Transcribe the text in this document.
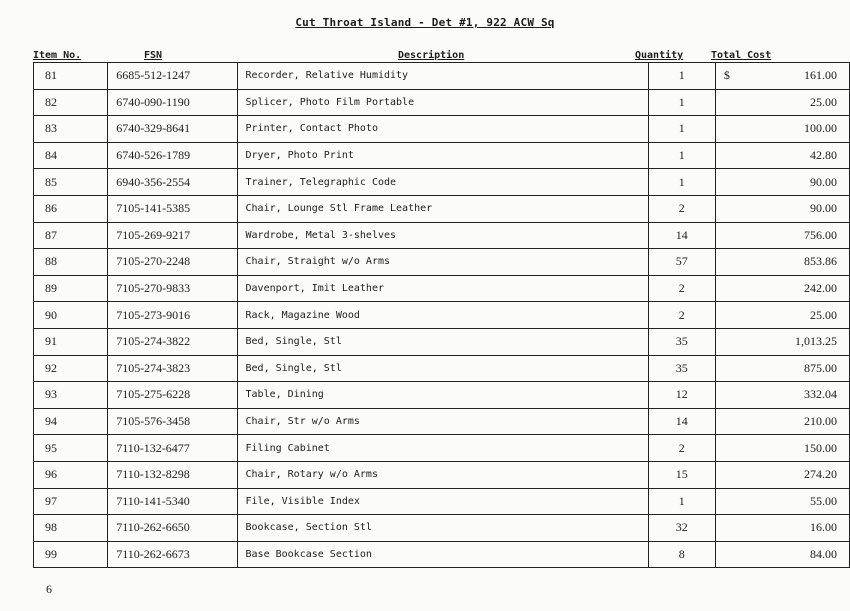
Cut Throat Island - Det #1, 922 ACW Sq
Item No.	FSN	Description	Quantity	Total Cost
81	6685-512-1247	Recorder, Relative Humidity	1	$ 161.00
82	6740-090-1190	Splicer, Photo Film Portable	1	25.00
83	6740-329-8641	Printer, Contact Photo	1	100.00
84	6740-526-1789	Dryer, Photo Print	1	42.80
85	6940-356-2554	Trainer, Telegraphic Code	1	90.00
86	7105-141-5385	Chair, Lounge Stl Frame Leather	2	90.00
87	7105-269-9217	Wardrobe, Metal 3-shelves	14	756.00
88	7105-270-2248	Chair, Straight w/o Arms	57	853.86
89	7105-270-9833	Davenport, Imit Leather	2	242.00
90	7105-273-9016	Rack, Magazine Wood	2	25.00
91	7105-274-3822	Bed, Single, Stl	35	1,013.25
92	7105-274-3823	Bed, Single, Stl	35	875.00
93	7105-275-6228	Table, Dining	12	332.04
94	7105-576-3458	Chair, Str w/o Arms	14	210.00
95	7110-132-6477	Filing Cabinet	2	150.00
96	7110-132-8298	Chair, Rotary w/o Arms	15	274.20
97	7110-141-5340	File, Visible Index	1	55.00
98	7110-262-6650	Bookcase, Section Stl	32	16.00
99	7110-262-6673	Base Bookcase Section	8	84.00
6
